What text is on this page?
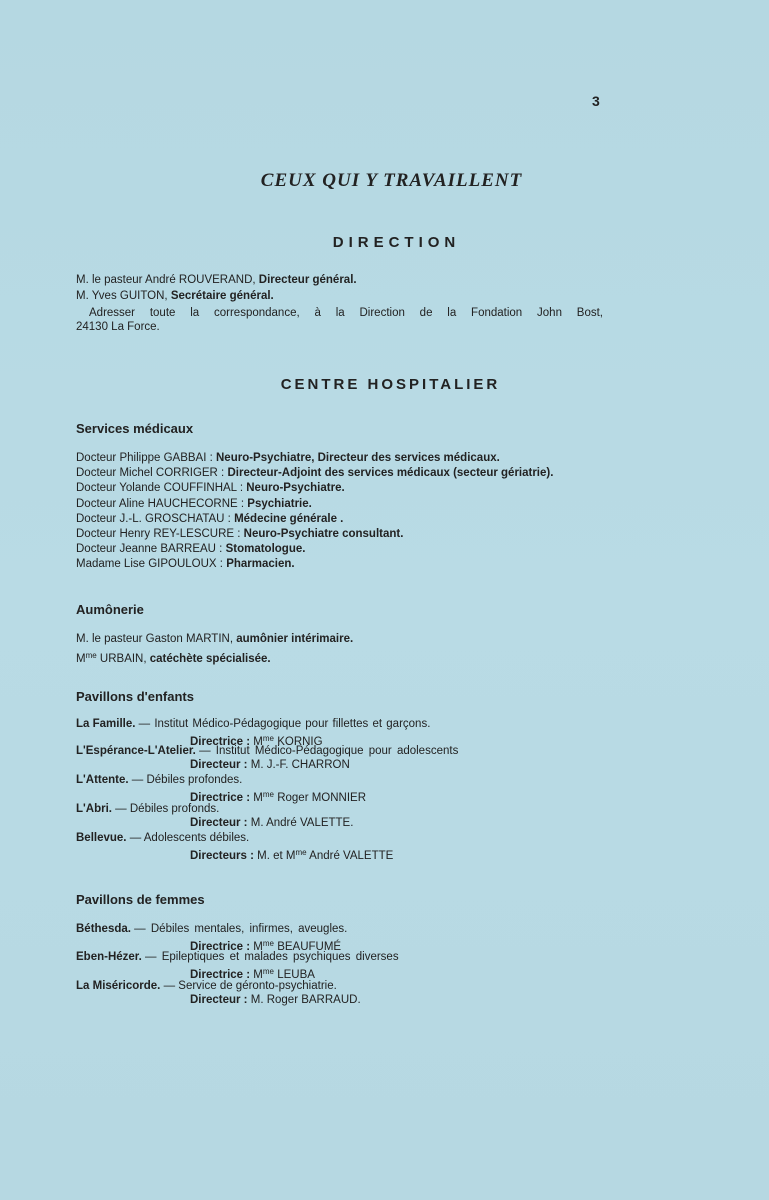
3
CEUX QUI Y TRAVAILLENT
DIRECTION
M. le pasteur André ROUVERAND, Directeur général.
M. Yves GUITON, Secrétaire général.
Adresser toute la correspondance, à la Direction de la Fondation John Bost,
24130 La Force.
CENTRE HOSPITALIER
Services médicaux
Docteur Philippe GABBAI : Neuro-Psychiatre, Directeur des services médicaux.
Docteur Michel CORRIGER : Directeur-Adjoint des services médicaux (secteur gériatrie).
Docteur Yolande COUFFINHAL : Neuro-Psychiatre.
Docteur Aline HAUCHECORNE : Psychiatrie.
Docteur J.-L. GROSCHATAU : Médecine générale .
Docteur Henry REY-LESCURE : Neuro-Psychiatre consultant.
Docteur Jeanne BARREAU : Stomatologue.
Madame Lise GIPOULOUX : Pharmacien.
Aumônerie
M. le pasteur Gaston MARTIN, aumônier intérimaire.
$M^{me}$ URBAIN, catéchète spécialisée.
Pavillons d'enfants
La Famille. — Institut Médico-Pédagogique pour fillettes et garçons.
Directrice : $M^{me}$ KORNIG
L'Espérance-L'Atelier. — Institut Médico-Pédagogique pour adolescents
Directeur : M. J.-F. CHARRON
L'Attente. — Débiles profondes.
Directrice : $M^{me}$ Roger MONNIER
L'Abri. — Débiles profonds.
Directeur : M. André VALETTE.
Bellevue. — Adolescents débiles.
Directeurs : M. et $M^{me}$ André VALETTE
Pavillons de femmes
Béthesda. — Débiles mentales, infirmes, aveugles.
Directrice : $M^{me}$ BEAUFUMÉ
Eben-Hézer. — Epileptiques et malades psychiques diverses
Directrice : $M^{me}$ LEUBA
La Miséricorde. — Service de géronto-psychiatrie.
Directeur : M. Roger BARRAUD.
